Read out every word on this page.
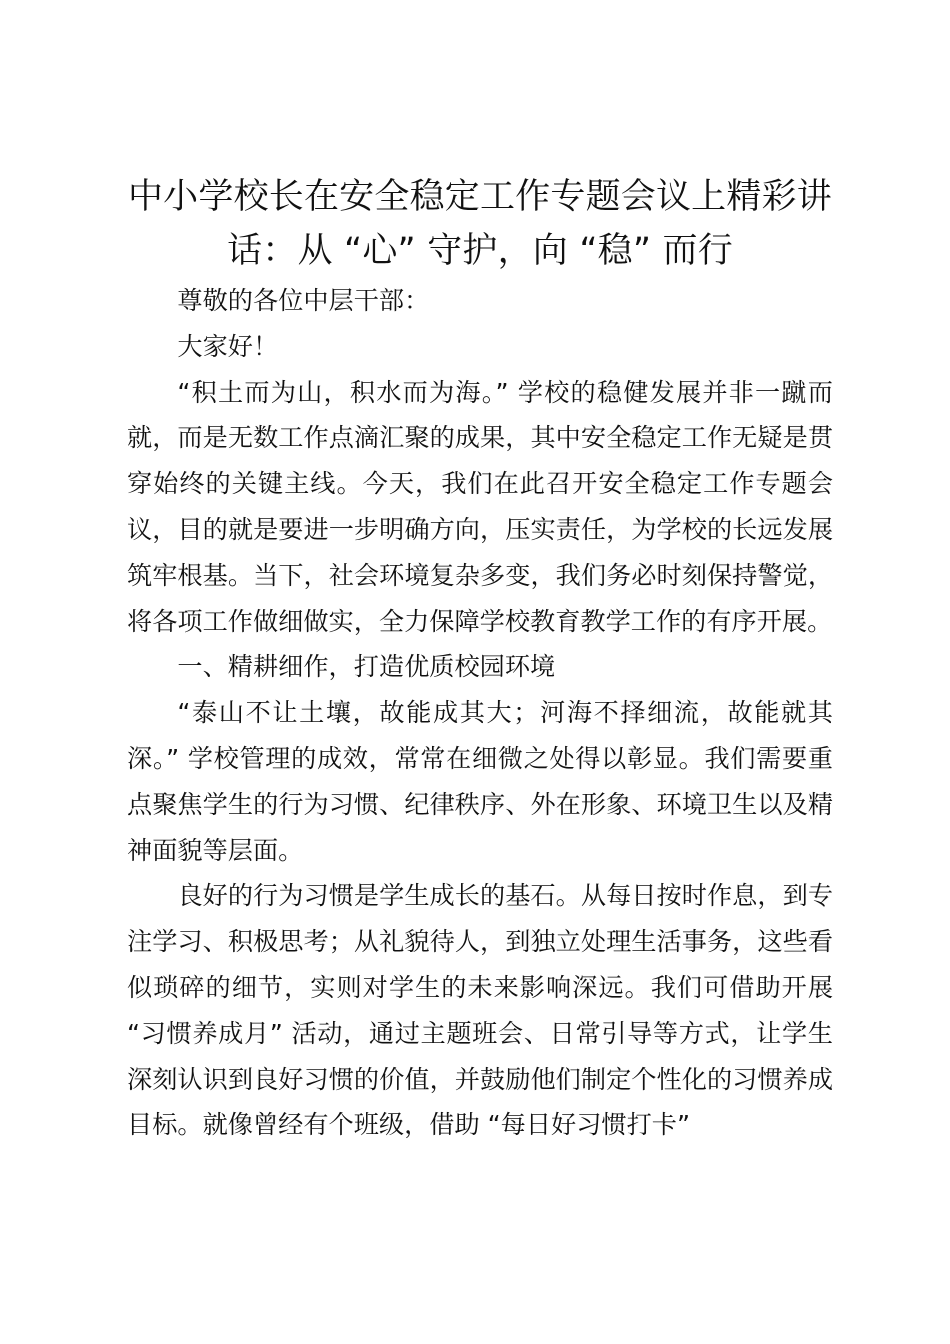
中小学校长在安全稳定工作专题会议上精彩讲
话：从 “心” 守护，向 “稳” 而行

尊敬的各位中层干部：

大家好！

“积土而为山，积水而为海。” 学校的稳健发展并非一蹴而就，而是无数工作点滴汇聚的成果，其中安全稳定工作无疑是贯穿始终的关键主线。今天，我们在此召开安全稳定工作专题会议，目的就是要进一步明确方向，压实责任，为学校的长远发展筑牢根基。当下，社会环境复杂多变，我们务必时刻保持警觉，将各项工作做细做实，全力保障学校教育教学工作的有序开展。

一、精耕细作，打造优质校园环境

“泰山不让土壤，故能成其大；河海不择细流，故能就其深。” 学校管理的成效，常常在细微之处得以彰显。我们需要重点聚焦学生的行为习惯、纪律秩序、外在形象、环境卫生以及精神面貌等层面。

良好的行为习惯是学生成长的基石。从每日按时作息，到专注学习、积极思考；从礼貌待人，到独立处理生活事务，这些看似琐碎的细节，实则对学生的未来影响深远。我们可借助开展 “习惯养成月” 活动，通过主题班会、日常引导等方式，让学生深刻认识到良好习惯的价值，并鼓励他们制定个性化的习惯养成目标。就像曾经有个班级，借助 “每日好习惯打卡”
